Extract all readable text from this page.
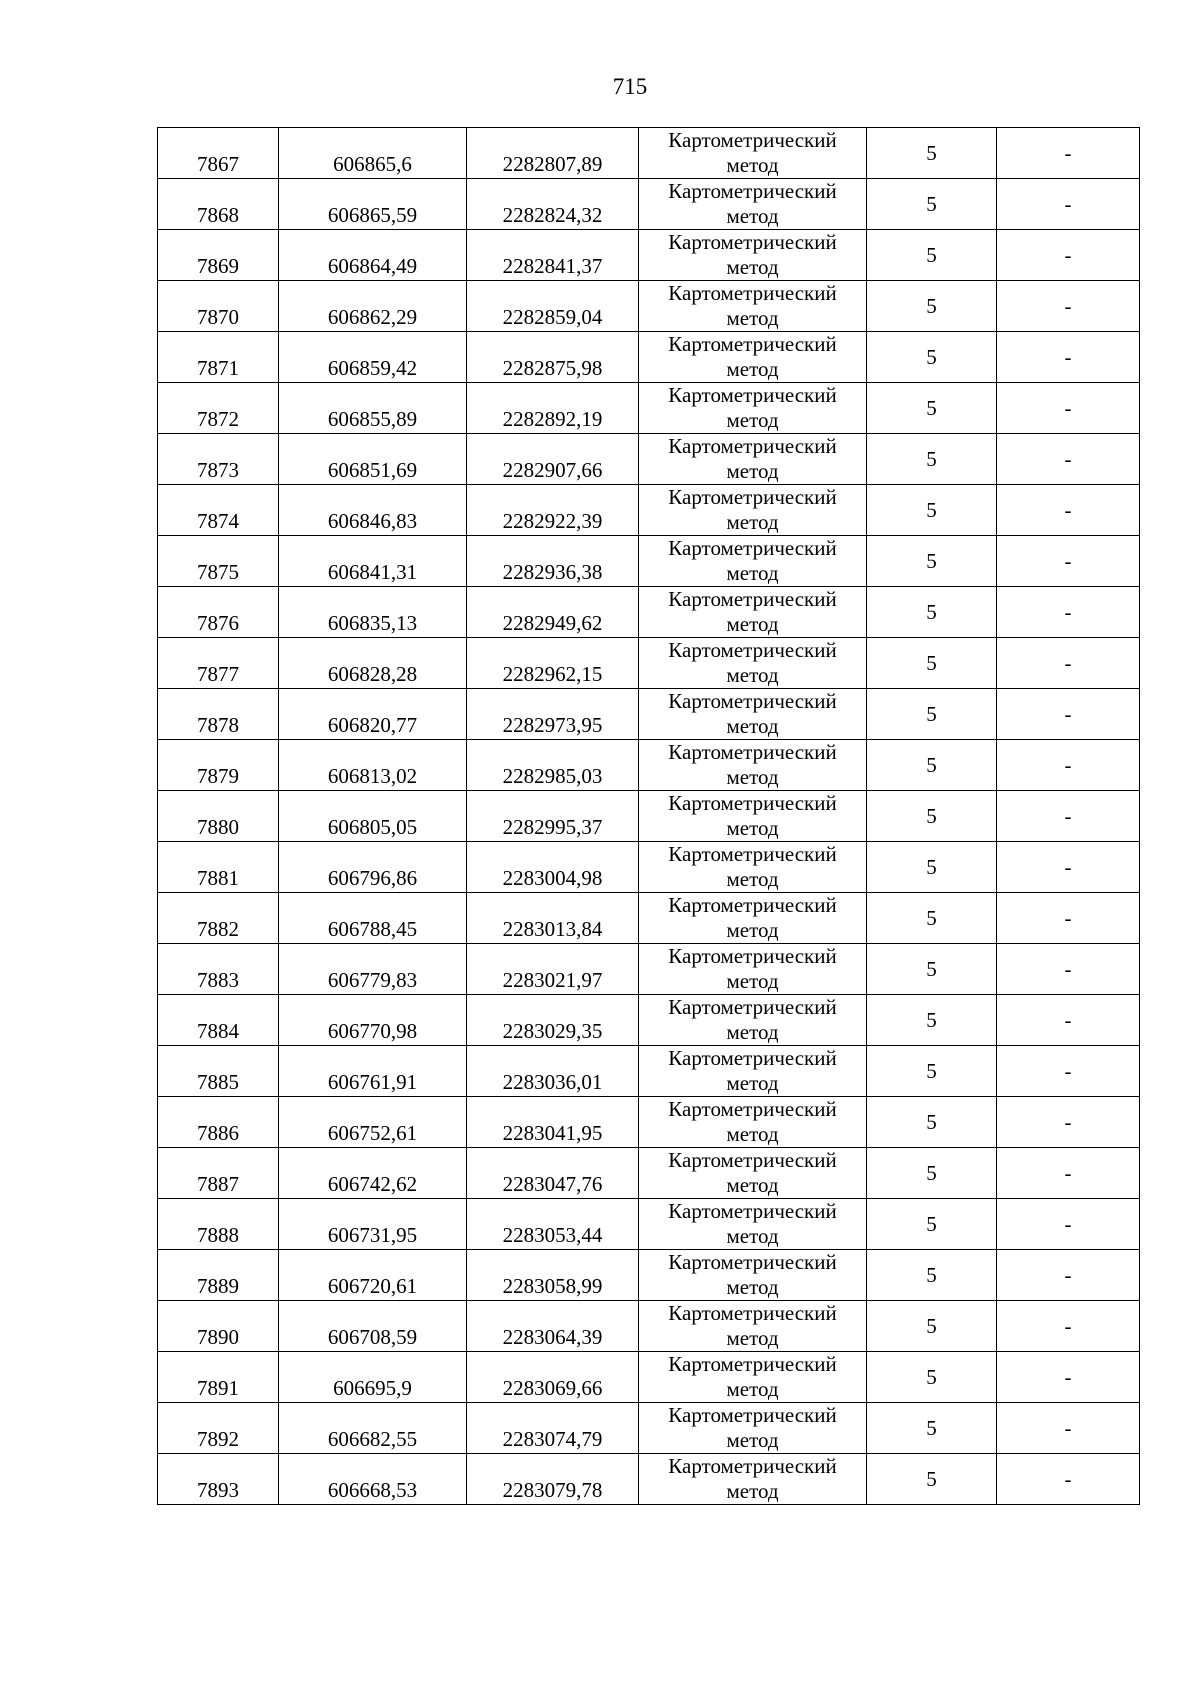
715
7867	606865,6	2282807,89	Картометрический
метод	5	-
7868	606865,59	2282824,32	Картометрический
метод	5	-
7869	606864,49	2282841,37	Картометрический
метод	5	-
7870	606862,29	2282859,04	Картометрический
метод	5	-
7871	606859,42	2282875,98	Картометрический
метод	5	-
7872	606855,89	2282892,19	Картометрический
метод	5	-
7873	606851,69	2282907,66	Картометрический
метод	5	-
7874	606846,83	2282922,39	Картометрический
метод	5	-
7875	606841,31	2282936,38	Картометрический
метод	5	-
7876	606835,13	2282949,62	Картометрический
метод	5	-
7877	606828,28	2282962,15	Картометрический
метод	5	-
7878	606820,77	2282973,95	Картометрический
метод	5	-
7879	606813,02	2282985,03	Картометрический
метод	5	-
7880	606805,05	2282995,37	Картометрический
метод	5	-
7881	606796,86	2283004,98	Картометрический
метод	5	-
7882	606788,45	2283013,84	Картометрический
метод	5	-
7883	606779,83	2283021,97	Картометрический
метод	5	-
7884	606770,98	2283029,35	Картометрический
метод	5	-
7885	606761,91	2283036,01	Картометрический
метод	5	-
7886	606752,61	2283041,95	Картометрический
метод	5	-
7887	606742,62	2283047,76	Картометрический
метод	5	-
7888	606731,95	2283053,44	Картометрический
метод	5	-
7889	606720,61	2283058,99	Картометрический
метод	5	-
7890	606708,59	2283064,39	Картометрический
метод	5	-
7891	606695,9	2283069,66	Картометрический
метод	5	-
7892	606682,55	2283074,79	Картометрический
метод	5	-
7893	606668,53	2283079,78	Картометрический
метод	5	-
